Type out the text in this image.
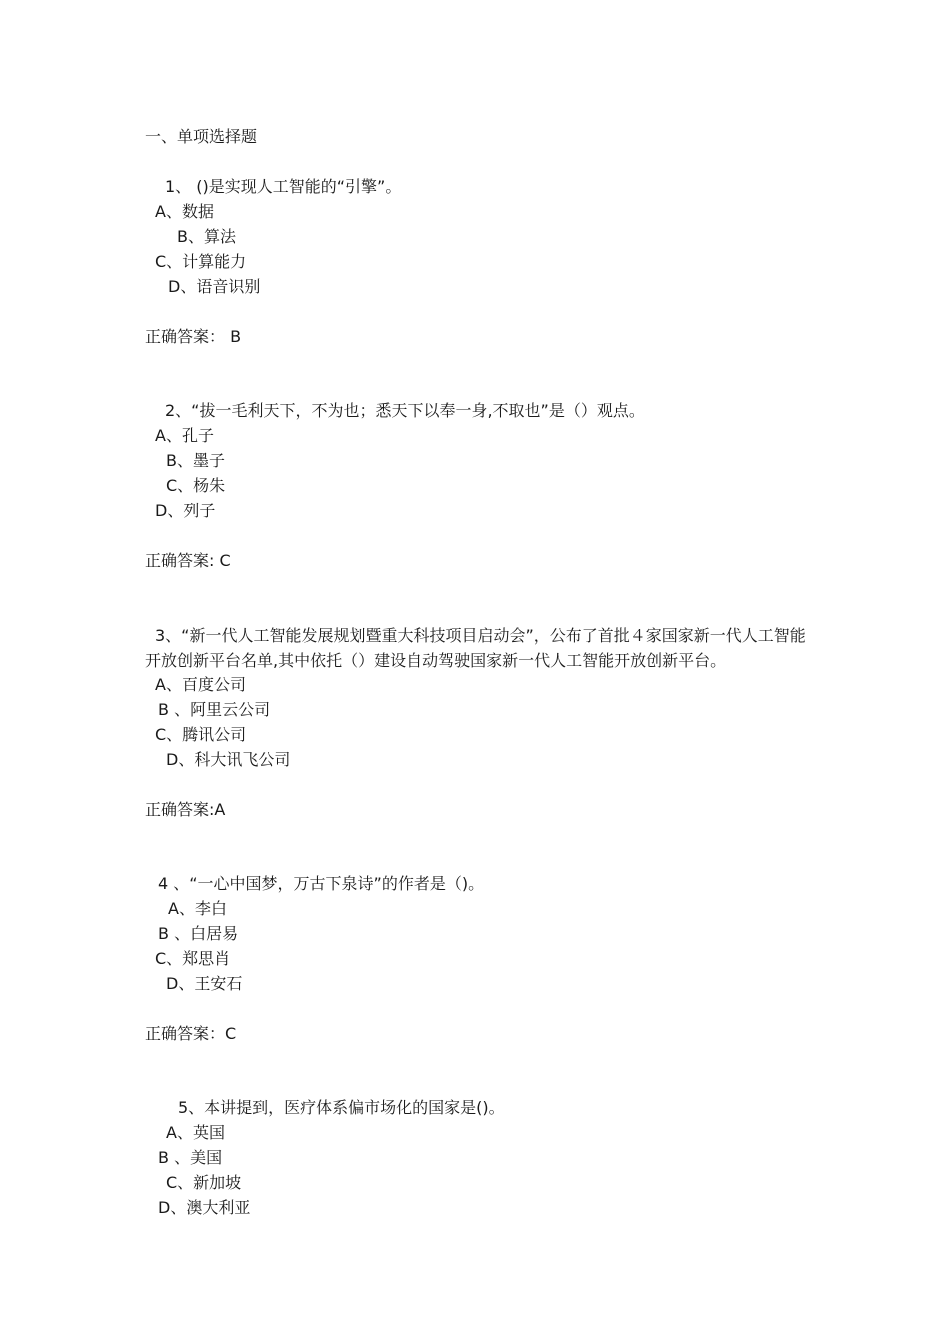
一、单项选择题
1、 ()是实现人工智能的“引擎”。
A、数据
B、算法
C、计算能力
D、语音识别
正确答案： B
2、“拔一毛利天下，不为也；悉天下以奉一身,不取也”是（）观点。
A、孔子
B、墨子
C、杨朱
D、列子
正确答案: C
3、“新一代人工智能发展规划暨重大科技项目启动会”，公布了首批４家国家新一代人工智能开放创新平台名单,其中依托（）建设自动驾驶国家新一代人工智能开放创新平台。
A、百度公司
B 、阿里云公司
C、腾讯公司
D、科大讯飞公司
正确答案:A
4 、“一心中国梦，万古下泉诗”的作者是（)。
A、李白
B 、白居易
C、郑思肖
D、王安石
正确答案：C
5、本讲提到，医疗体系偏市场化的国家是()。
A、英国
B 、美国
C、新加坡
D、澳大利亚
